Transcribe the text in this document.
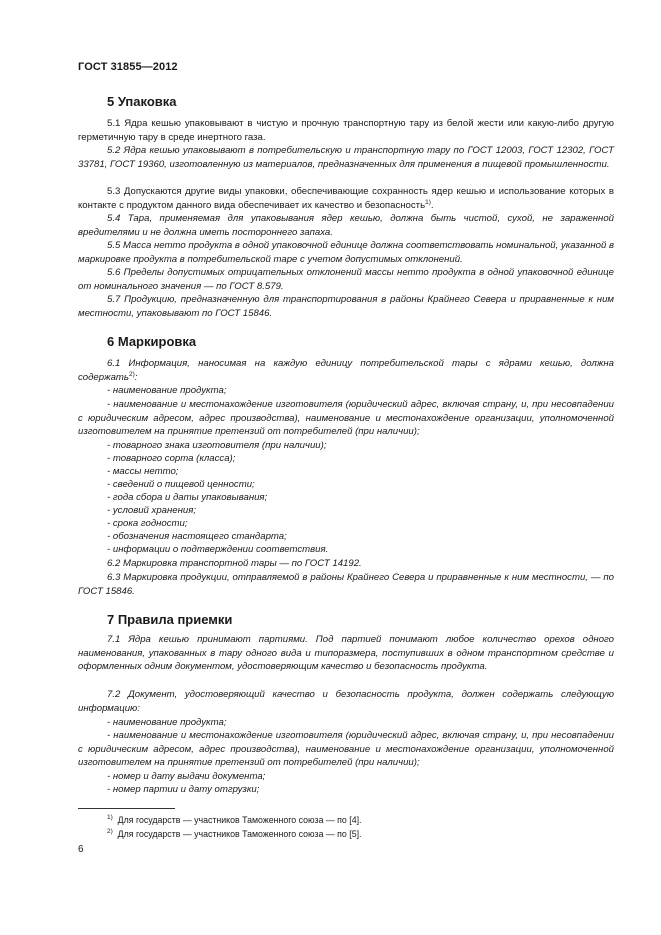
ГОСТ 31855—2012
5 Упаковка

5.1 Ядра кешью упаковывают в чистую и прочную транспортную тару из белой жести или какую-либо другую герметичную тару в среде инертного газа.

5.2 Ядра кешью упаковывают в потребительскую и транспортную тару по ГОСТ 12003, ГОСТ 12302, ГОСТ 33781, ГОСТ 19360, изготовленную из материалов, предназначенных для применения в пищевой промышленности.

5.3 Допускаются другие виды упаковки, обеспечивающие сохранность ядер кешью и использование которых в контакте с продуктом данного вида обеспечивает их качество и безопасность$^{1)}$.

5.4 Тара, применяемая для упаковывания ядер кешью, должна быть чистой, сухой, не зараженной вредителями и не должна иметь постороннего запаха.

5.5 Масса нетто продукта в одной упаковочной единице должна соответствовать номинальной, указанной в маркировке продукта в потребительской таре с учетом допустимых отклонений.

5.6 Пределы допустимых отрицательных отклонений массы нетто продукта в одной упаковочной единице от номинального значения — по ГОСТ 8.579.

5.7 Продукцию, предназначенную для транспортирования в районы Крайнего Севера и приравненные к ним местности, упаковывают по ГОСТ 15846.

6 Маркировка

6.1 Информация, наносимая на каждую единицу потребительской тары с ядрами кешью, должна содержать$^{2)}$:

- наименование продукта;

- наименование и местонахождение изготовителя (юридический адрес, включая страну, и, при несовпадении с юридическим адресом, адрес производства), наименование и местонахождение организации, уполномоченной изготовителем на принятие претензий от потребителей (при наличии);

- товарного знака изготовителя (при наличии);
- товарного сорта (класса);
- массы нетто;
- сведений о пищевой ценности;
- года сбора и даты упаковывания;
- условий хранения;
- срока годности;
- обозначения настоящего стандарта;
- информации о подтверждении соответствия.

6.2 Маркировка транспортной тары — по ГОСТ 14192.

6.3 Маркировка продукции, отправляемой в районы Крайнего Севера и приравненные к ним местности, — по ГОСТ 15846.

7 Правила приемки

7.1 Ядра кешью принимают партиями. Под партией понимают любое количество орехов одного наименования, упакованных в тару одного вида и типоразмера, поступивших в одном транспортном средстве и оформленных одним документом, удостоверяющим качество и безопасность продукта.

7.2 Документ, удостоверяющий качество и безопасность продукта, должен содержать следующую информацию:

- наименование продукта;

- наименование и местонахождение изготовителя (юридический адрес, включая страну, и, при несовпадении с юридическим адресом, адрес производства), наименование и местонахождение организации, уполномоченной изготовителем на принятие претензий от потребителей (при наличии);

- номер и дату выдачи документа;
- номер партии и дату отгрузки;
$^{1)}$ Для государств — участников Таможенного союза — по [4].
$^{2)}$ Для государств — участников Таможенного союза — по [5].
6
